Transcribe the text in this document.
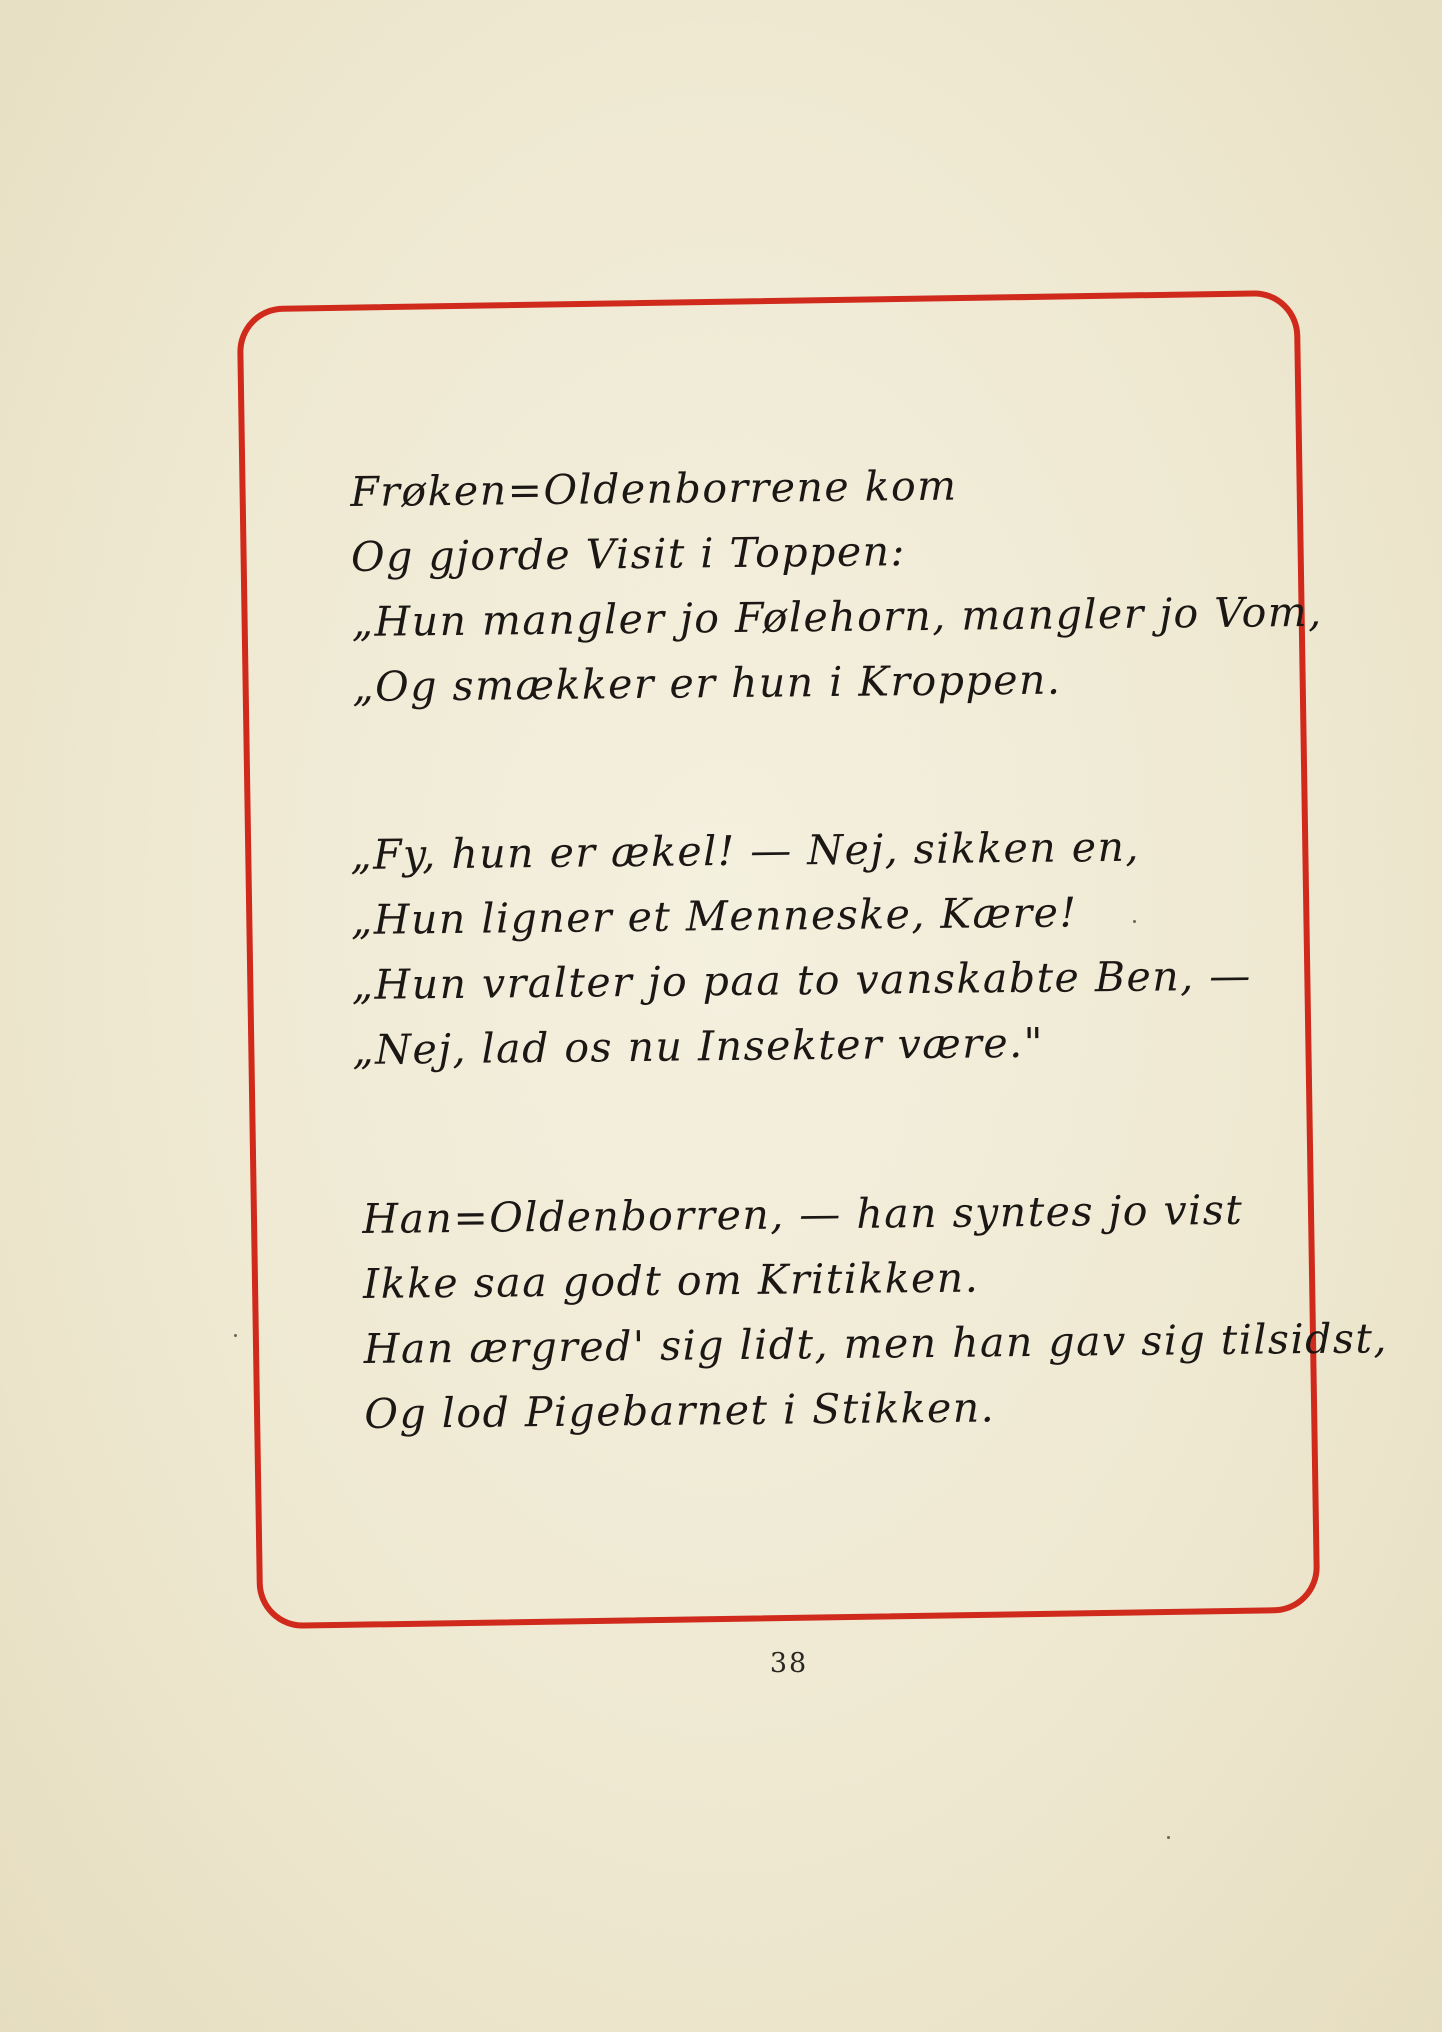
Frøken=Oldenborrene kom
Og gjorde Visit i Toppen:
„Hun mangler jo Følehorn, mangler jo Vom,
„Og smækker er hun i Kroppen.
„Fy, hun er ækel! — Nej, sikken en,
„Hun ligner et Menneske, Kære!
„Hun vralter jo paa to vanskabte Ben, —
„Nej, lad os nu Insekter være."
Han=Oldenborren, — han syntes jo vist
Ikke saa godt om Kritikken.
Han ærgred' sig lidt, men han gav sig tilsidst,
Og lod Pigebarnet i Stikken.
38
